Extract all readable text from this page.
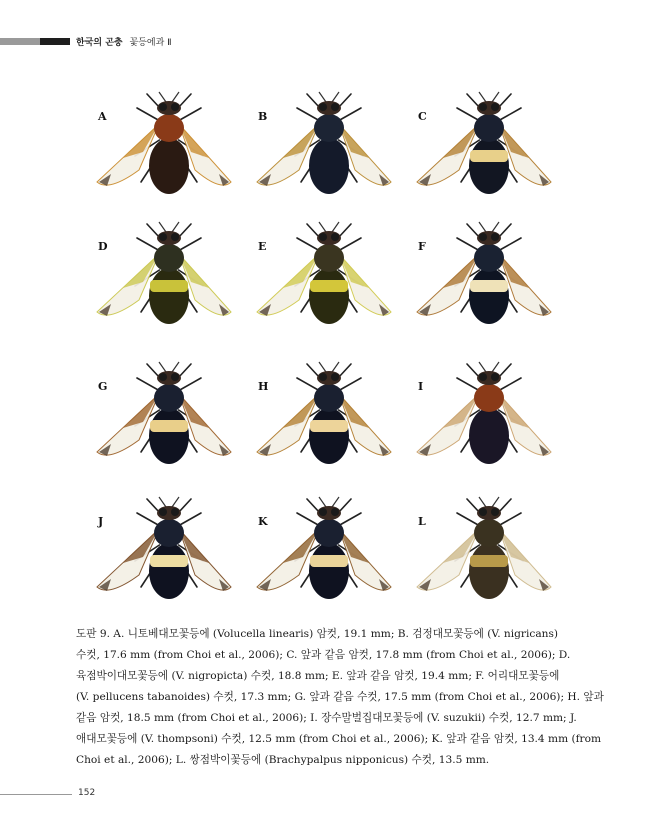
한국의 곤충 꽃등에과 Ⅱ
A	B	C
D	E	F
G	H	I
J	K	L
도판 9. A. 니토베대모꽃등에 (Volucella linearis) 암컷, 19.1 mm; B. 검정대모꽃등에 (V. nigricans)
수컷, 17.6 mm (from Choi et al., 2006); C. 앞과 같음 암컷, 17.8 mm (from Choi et al., 2006); D.
육점박이대모꽃등에 (V. nigropicta) 수컷, 18.8 mm; E. 앞과 같음 암컷, 19.4 mm; F. 어리대모꽃등에
(V. pellucens tabanoides) 수컷, 17.3 mm; G. 앞과 같음 수컷, 17.5 mm (from Choi et al., 2006); H. 앞과
같음 암컷, 18.5 mm (from Choi et al., 2006); I. 장수말벌집대모꽃등에 (V. suzukii) 수컷, 12.7 mm; J.
애대모꽃등에 (V. thompsoni) 수컷, 12.5 mm (from Choi et al., 2006); K. 앞과 같음 암컷, 13.4 mm (from
Choi et al., 2006); L. 쌍점박이꽃등에 (Brachypalpus nipponicus) 수컷, 13.5 mm.
152
